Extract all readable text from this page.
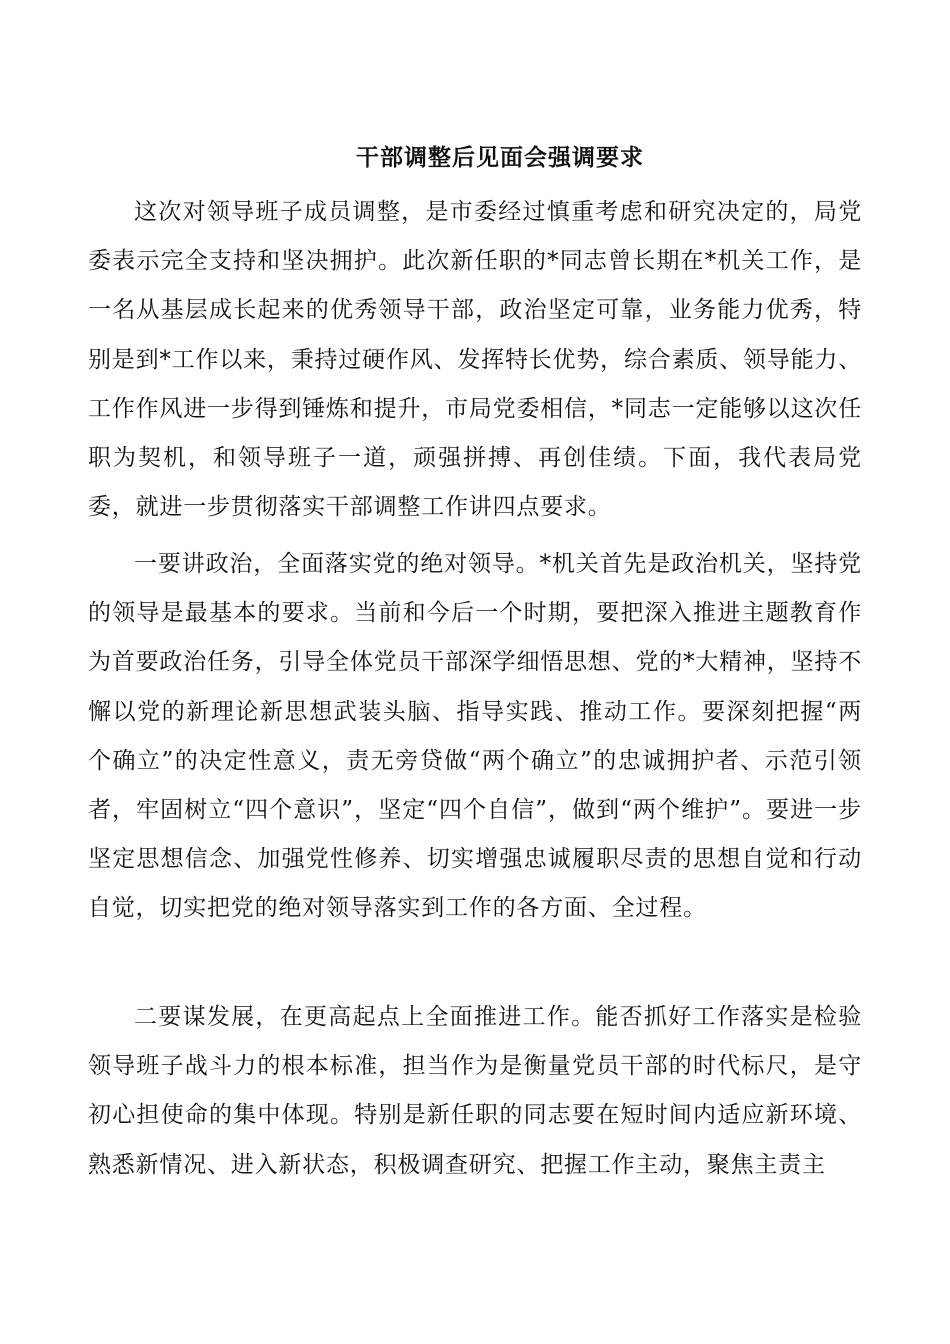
干部调整后见面会强调要求

这次对领导班子成员调整，是市委经过慎重考虑和研究决定的，局党委表示完全支持和坚决拥护。此次新任职的*同志曾长期在*机关工作，是一名从基层成长起来的优秀领导干部，政治坚定可靠，业务能力优秀，特别是到*工作以来，秉持过硬作风、发挥特长优势，综合素质、领导能力、工作作风进一步得到锤炼和提升，市局党委相信，*同志一定能够以这次任职为契机，和领导班子一道，顽强拼搏、再创佳绩。下面，我代表局党委，就进一步贯彻落实干部调整工作讲四点要求。

一要讲政治，全面落实党的绝对领导。*机关首先是政治机关，坚持党的领导是最基本的要求。当前和今后一个时期，要把深入推进主题教育作为首要政治任务，引导全体党员干部深学细悟思想、党的*大精神，坚持不懈以党的新理论新思想武装头脑、指导实践、推动工作。要深刻把握“两个确立”的决定性意义，责无旁贷做“两个确立”的忠诚拥护者、示范引领者，牢固树立“四个意识”，坚定“四个自信”，做到“两个维护”。要进一步坚定思想信念、加强党性修养、切实增强忠诚履职尽责的思想自觉和行动自觉，切实把党的绝对领导落实到工作的各方面、全过程。

二要谋发展，在更高起点上全面推进工作。能否抓好工作落实是检验领导班子战斗力的根本标准，担当作为是衡量党员干部的时代标尺，是守初心担使命的集中体现。特别是新任职的同志要在短时间内适应新环境、熟悉新情况、进入新状态，积极调查研究、把握工作主动，聚焦主责主
